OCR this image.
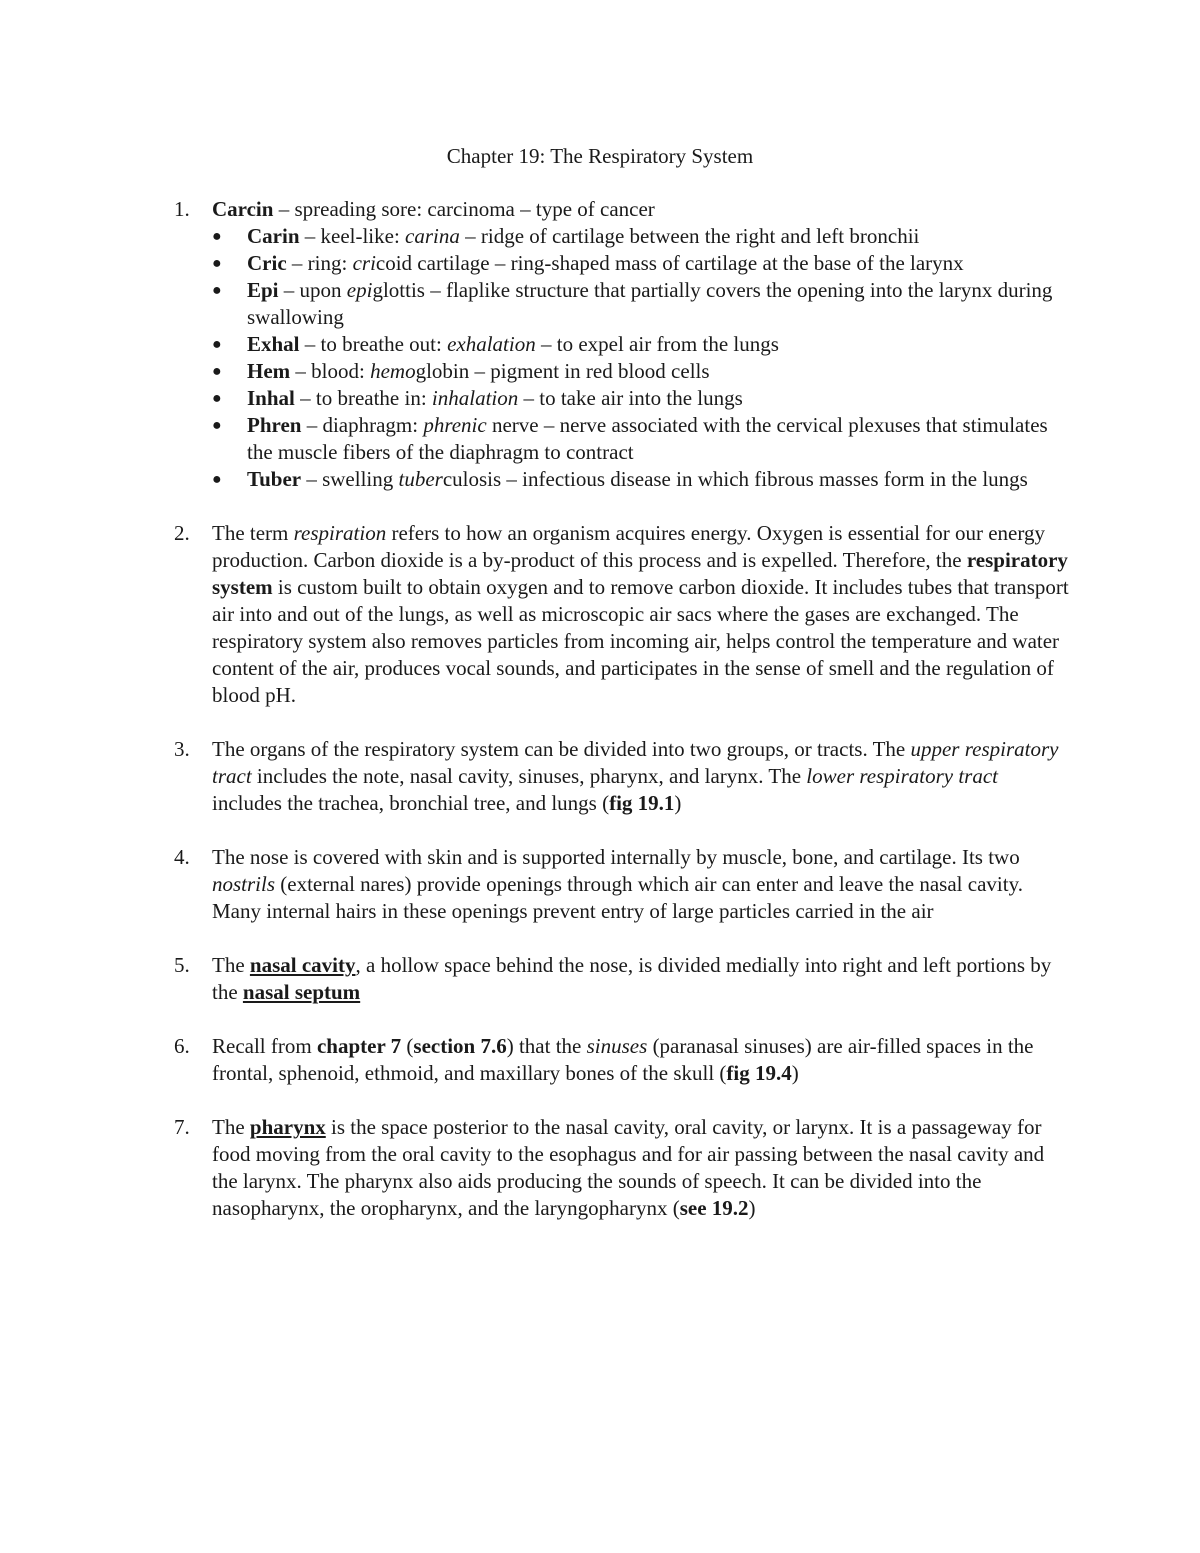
Chapter 19: The Respiratory System
1.	Carcin – spreading sore: carcinoma – type of cancer
● Carin – keel-like: carina – ridge of cartilage between the right and left bronchii
● Cric – ring: cricoid cartilage – ring-shaped mass of cartilage at the base of the larynx
● Epi – upon epiglottis – flaplike structure that partially covers the opening into the larynx during swallowing
● Exhal – to breathe out: exhalation – to expel air from the lungs
● Hem – blood: hemoglobin – pigment in red blood cells
● Inhal – to breathe in: inhalation – to take air into the lungs
● Phren – diaphragm: phrenic nerve – nerve associated with the cervical plexuses that stimulates the muscle fibers of the diaphragm to contract
● Tuber – swelling tuberculosis – infectious disease in which fibrous masses form in the lungs
2.	The term respiration refers to how an organism acquires energy. Oxygen is essential for our energy production. Carbon dioxide is a by-product of this process and is expelled. Therefore, the respiratory system is custom built to obtain oxygen and to remove carbon dioxide. It includes tubes that transport air into and out of the lungs, as well as microscopic air sacs where the gases are exchanged. The respiratory system also removes particles from incoming air, helps control the temperature and water content of the air, produces vocal sounds, and participates in the sense of smell and the regulation of blood pH.
3.	The organs of the respiratory system can be divided into two groups, or tracts. The upper respiratory tract includes the note, nasal cavity, sinuses, pharynx, and larynx. The lower respiratory tract includes the trachea, bronchial tree, and lungs (fig 19.1)
4.	The nose is covered with skin and is supported internally by muscle, bone, and cartilage. Its two nostrils (external nares) provide openings through which air can enter and leave the nasal cavity. Many internal hairs in these openings prevent entry of large particles carried in the air
5.	The nasal cavity, a hollow space behind the nose, is divided medially into right and left portions by the nasal septum
6.	Recall from chapter 7 (section 7.6) that the sinuses (paranasal sinuses) are air-filled spaces in the frontal, sphenoid, ethmoid, and maxillary bones of the skull (fig 19.4)
7.	The pharynx is the space posterior to the nasal cavity, oral cavity, or larynx. It is a passageway for food moving from the oral cavity to the esophagus and for air passing between the nasal cavity and the larynx. The pharynx also aids producing the sounds of speech. It can be divided into the nasopharynx, the oropharynx, and the laryngopharynx (see 19.2)
